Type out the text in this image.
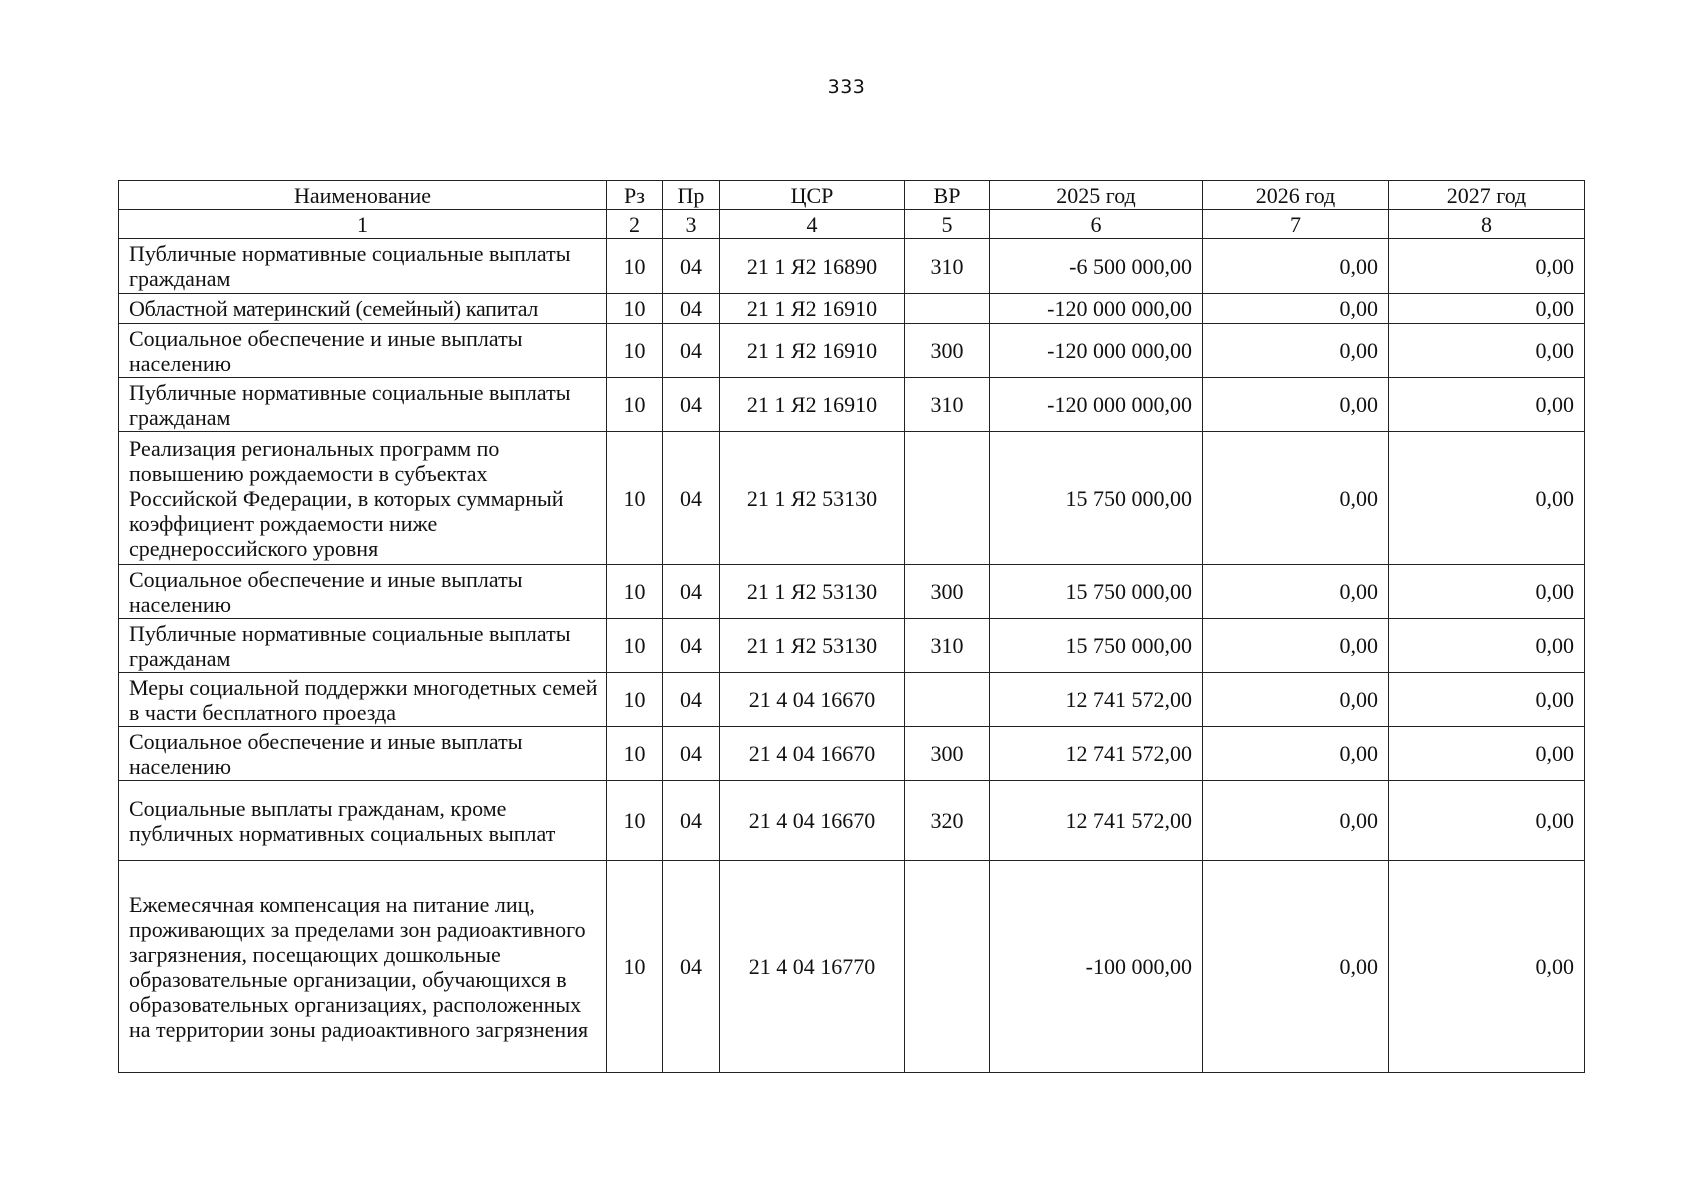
333
Наименование	Рз	Пр	ЦСР	ВР	2025 год	2026 год	2027 год
1	2	3	4	5	6	7	8
Публичные нормативные социальные выплаты гражданам	10	04	21 1 Я2 16890	310	-6 500 000,00	0,00	0,00
Областной материнский (семейный) капитал	10	04	21 1 Я2 16910		-120 000 000,00	0,00	0,00
Социальное обеспечение и иные выплаты населению	10	04	21 1 Я2 16910	300	-120 000 000,00	0,00	0,00
Публичные нормативные социальные выплаты гражданам	10	04	21 1 Я2 16910	310	-120 000 000,00	0,00	0,00
Реализация региональных программ по повышению рождаемости в субъектах Российской Федерации, в которых суммарный коэффициент рождаемости ниже среднероссийского уровня	10	04	21 1 Я2 53130		15 750 000,00	0,00	0,00
Социальное обеспечение и иные выплаты населению	10	04	21 1 Я2 53130	300	15 750 000,00	0,00	0,00
Публичные нормативные социальные выплаты гражданам	10	04	21 1 Я2 53130	310	15 750 000,00	0,00	0,00
Меры социальной поддержки многодетных семей в части бесплатного проезда	10	04	21 4 04 16670		12 741 572,00	0,00	0,00
Социальное обеспечение и иные выплаты населению	10	04	21 4 04 16670	300	12 741 572,00	0,00	0,00
Социальные выплаты гражданам, кроме публичных нормативных социальных выплат	10	04	21 4 04 16670	320	12 741 572,00	0,00	0,00
Ежемесячная компенсация на питание лиц, проживающих за пределами зон радиоактивного загрязнения, посещающих дошкольные образовательные организации, обучающихся в образовательных организациях, расположенных на территории зоны радиоактивного загрязнения	10	04	21 4 04 16770		-100 000,00	0,00	0,00
